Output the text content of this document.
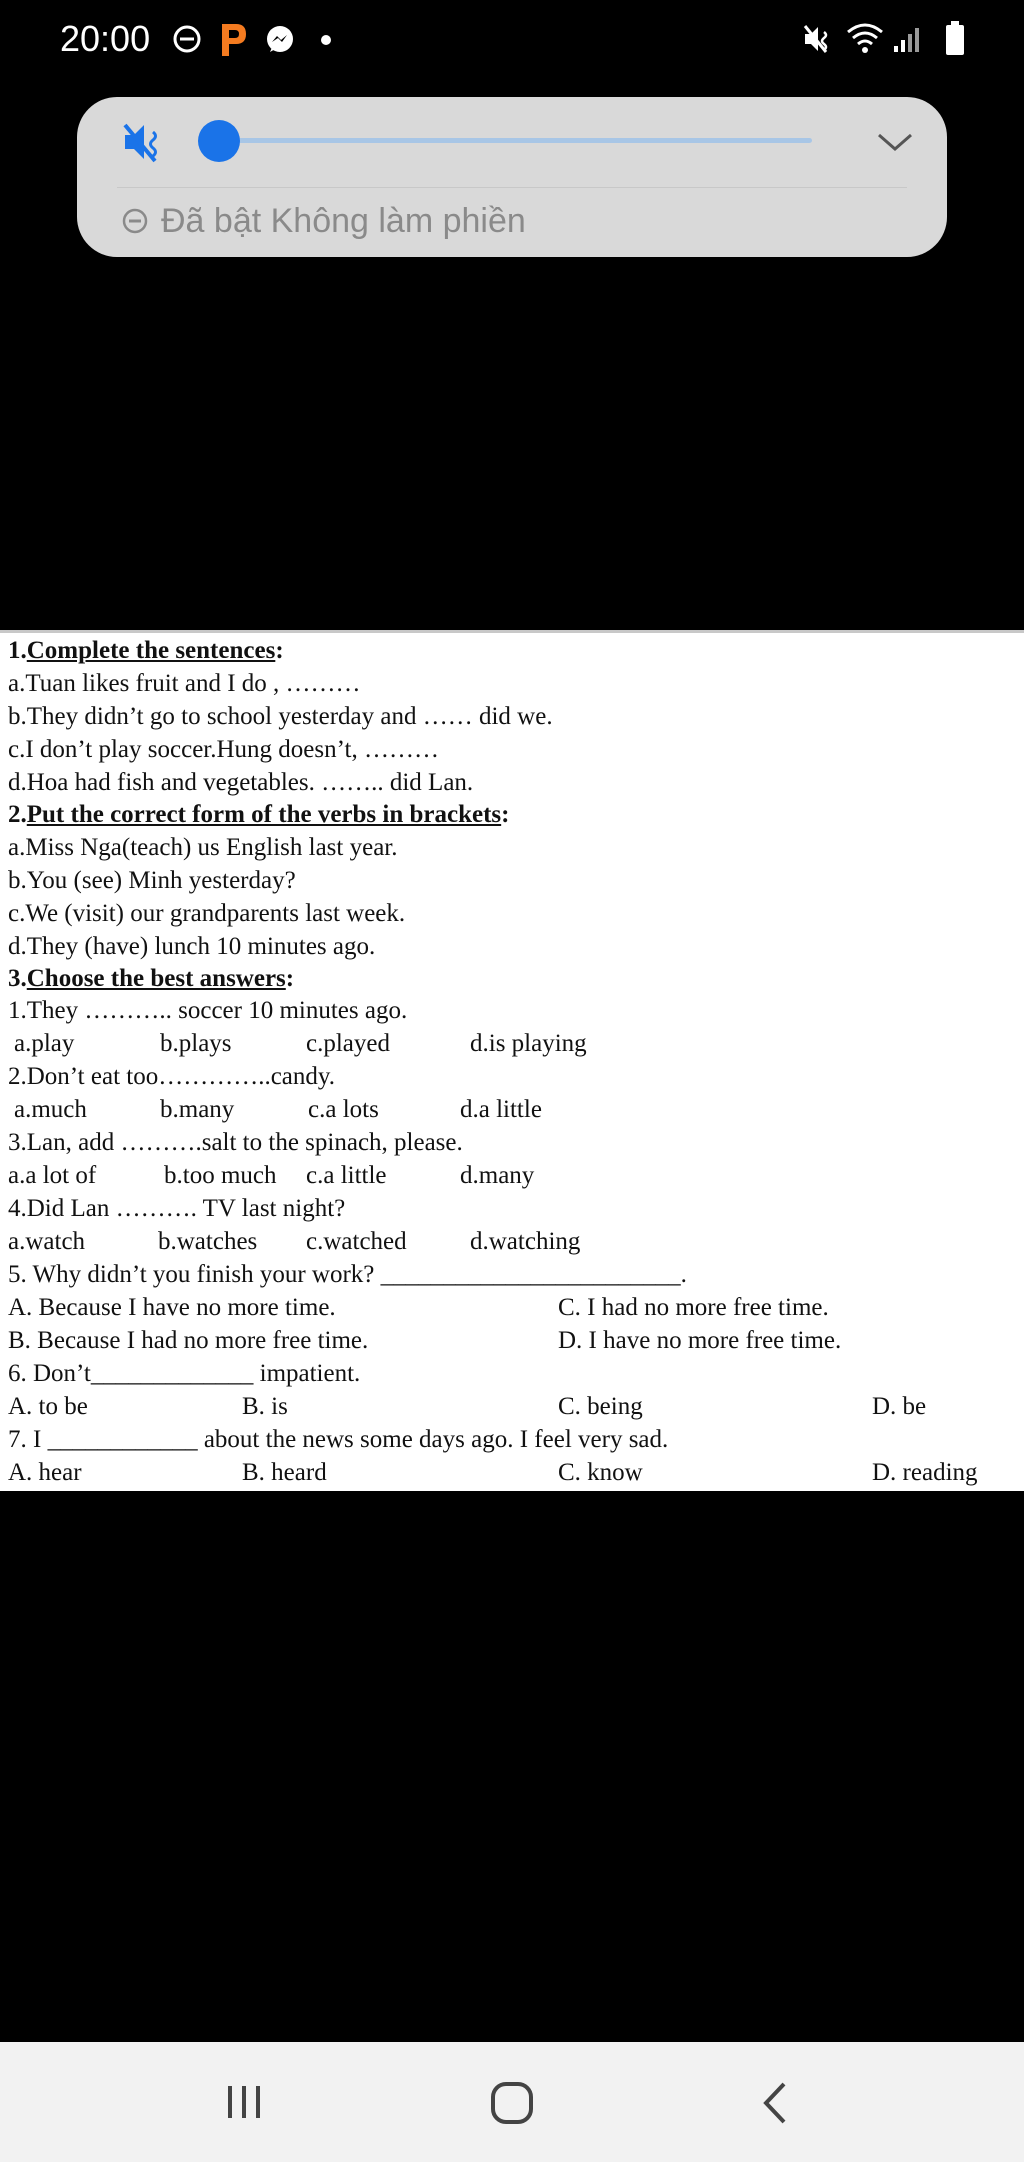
20:00
Đã bật Không làm phiền
1.Complete the sentences:
a.Tuan likes fruit and I do , ………
b.They didn’t go to school yesterday and …… did we.
c.I don’t play soccer.Hung doesn’t, ………
d.Hoa had fish and vegetables. …….. did Lan.
2.Put the correct form of the verbs in brackets:
a.Miss Nga(teach) us English last year.
b.You (see) Minh yesterday?
c.We (visit) our grandparents last week.
d.They (have) lunch 10 minutes ago.
3.Choose the best answers:
1.They ……….. soccer 10 minutes ago.
a.play	b.plays	c.played	d.is playing
2.Don’t eat too…………..candy.
a.much	b.many	c.a lots	d.a little
3.Lan, add ……….salt to the spinach, please.
a.a lot of	b.too much c.a little	d.many
4.Did Lan ………. TV last night?
a.watch	b.watches c.watched	d.watching
5. Why didn’t you finish your work? ________________________.
A. Because I have no more time.	C. I had no more free time.
B. Because I had no more free time.	D. I have no more free time.
6. Don’t_____________ impatient.
A. to be	B. is	C. being	D. be
7. I ____________ about the news some days ago. I feel very sad.
A. hear	B. heard	C. know	D. reading
